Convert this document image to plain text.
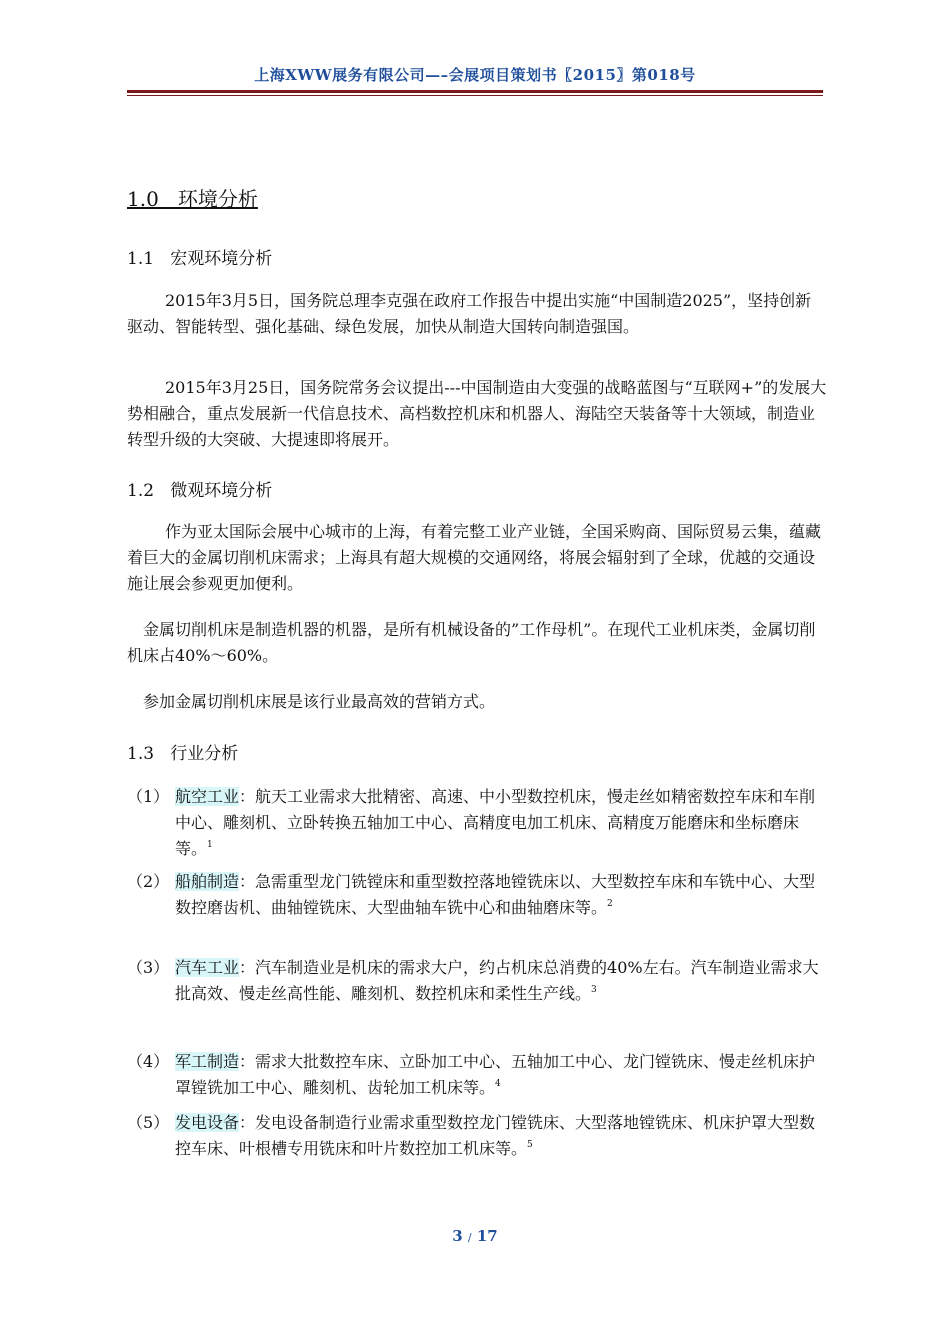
上海XWW展务有限公司—–会展项目策划书〖2015〗第018号
1.0   环境分析
1.1   宏观环境分析

2015年3月5日，国务院总理李克强在政府工作报告中提出实施“中国制造2025”，坚持创新驱动、智能转型、强化基础、绿色发展，加快从制造大国转向制造强国。

2015年3月25日，国务院常务会议提出---中国制造由大变强的战略蓝图与“互联网+”的发展大势相融合，重点发展新一代信息技术、高档数控机床和机器人、海陆空天装备等十大领域，制造业转型升级的大突破、大提速即将展开。

1.2   微观环境分析

作为亚太国际会展中心城市的上海，有着完整工业产业链，全国采购商、国际贸易云集，蕴藏着巨大的金属切削机床需求；上海具有超大规模的交通网络，将展会辐射到了全球，优越的交通设施让展会参观更加便利。

金属切削机床是制造机器的机器，是所有机械设备的”工作母机”。在现代工业机床类，金属切削机床占40%～60%。

参加金属切削机床展是该行业最高效的营销方式。

1.3   行业分析
（1） 航空工业：航天工业需求大批精密、高速、中小型数控机床，慢走丝如精密数控车床和车削中心、雕刻机、立卧转换五轴加工中心、高精度电加工机床、高精度万能磨床和坐标磨床等。$^1$
（2） 船舶制造：急需重型龙门铣镗床和重型数控落地镗铣床以、大型数控车床和车铣中心、大型数控磨齿机、曲轴镗铣床、大型曲轴车铣中心和曲轴磨床等。$^2$
（3） 汽车工业：汽车制造业是机床的需求大户，约占机床总消费的40%左右。汽车制造业需求大批高效、慢走丝高性能、雕刻机、数控机床和柔性生产线。$^3$
（4） 军工制造：需求大批数控车床、立卧加工中心、五轴加工中心、龙门镗铣床、慢走丝机床护罩镗铣加工中心、雕刻机、齿轮加工机床等。$^4$
（5） 发电设备：发电设备制造行业需求重型数控龙门镗铣床、大型落地镗铣床、机床护罩大型数控车床、叶根槽专用铣床和叶片数控加工机床等。$^5$
3 / 17
